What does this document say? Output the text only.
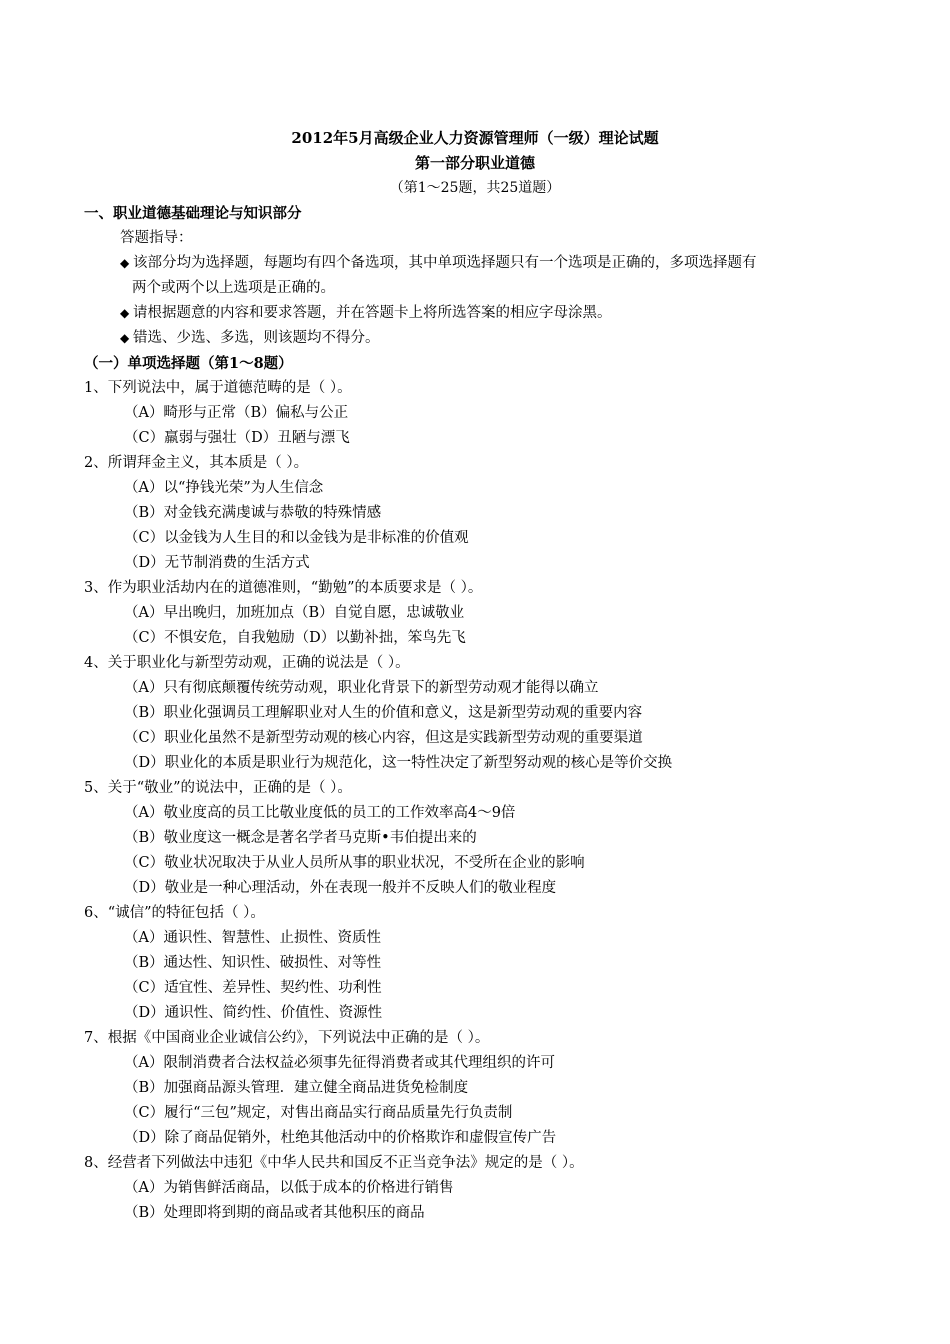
2012年5月高级企业人力资源管理师（一级）理论试题
第一部分职业道德
（第1～25题，共25道题）
一、职业道德基础理论与知识部分
答题指导：
◆ 该部分均为选择题，每题均有四个备选项，其中单项选择题只有一个选项是正确的，多项选择题有
两个或两个以上选项是正确的。
◆ 请根据题意的内容和要求答题，并在答题卡上将所选答案的相应字母涂黑。
◆ 错选、少选、多选，则该题均不得分。
（一）单项选择题（第1～8题）
1、下列说法中，属于道德范畴的是（ ）。
（A）畸形与正常（B）偏私与公正
（C）羸弱与强壮（D）丑陋与漂飞
2、所谓拜金主义，其本质是（ ）。
（A）以“挣钱光荣”为人生信念
（B）对金钱充满虔诚与恭敬的特殊情感
（C）以金钱为人生目的和以金钱为是非标准的价值观
（D）无节制消费的生活方式
3、作为职业活劫内在的道德准则，“勤勉”的本质要求是（ ）。
（A）早出晚归，加班加点（B）自觉自愿，忠诚敬业
（C）不惧安危，自我勉励（D）以勤补拙，笨鸟先飞
4、关于职业化与新型劳动观，正确的说法是（ ）。
（A）只有彻底颠覆传统劳动观，职业化背景下的新型劳动观才能得以确立
（B）职业化强调员工理解职业对人生的价值和意义，这是新型劳动观的重要内容
（C）职业化虽然不是新型劳动观的核心内容，但这是实践新型劳动观的重要渠道
（D）职业化的本质是职业行为规范化，这一特性决定了新型努动观的核心是等价交换
5、关于“敬业”的说法中，正确的是（ ）。
（A）敬业度高的员工比敬业度低的员工的工作效率高4～9倍
（B）敬业度这一概念是著名学者马克斯•韦伯提出来的
（C）敬业状况取决于从业人员所从事的职业状况，不受所在企业的影响
（D）敬业是一种心理活动，外在表现一般并不反映人们的敬业程度
6、“诚信”的特征包括（ ）。
（A）通识性、智慧性、止损性、资质性
（B）通达性、知识性、破损性、对等性
（C）适宜性、差异性、契约性、功利性
（D）通识性、简约性、价值性、资源性
7、根据《中国商业企业诚信公约》，下列说法中正确的是（ ）。
（A）限制消费者合法权益必须事先征得消费者或其代理组织的许可
（B）加强商品源头管理．建立健全商品进货免检制度
（C）履行“三包”规定，对售出商品实行商品质量先行负责制
（D）除了商品促销外，杜绝其他活动中的价格欺诈和虚假宣传广告
8、经营者下列做法中违犯《中华人民共和国反不正当竞争法》规定的是（ ）。
（A）为销售鲜活商品，以低于成本的价格进行销售
（B）处理即将到期的商品或者其他积压的商品
